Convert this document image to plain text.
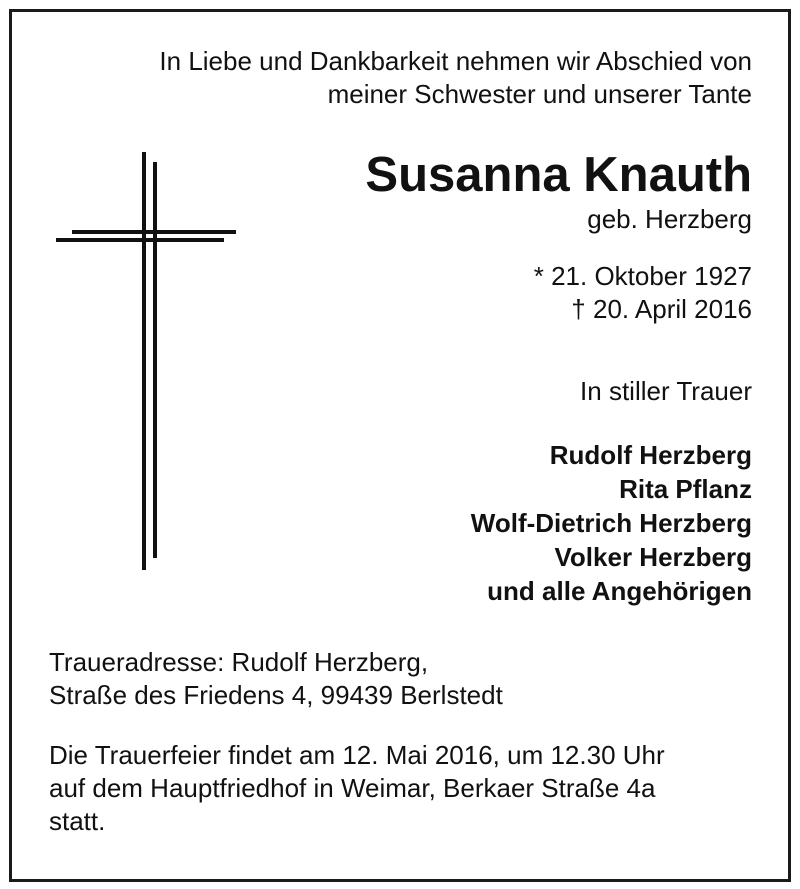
In Liebe und Dankbarkeit nehmen wir Abschied von
meiner Schwester und unserer Tante
Susanna Knauth
geb. Herzberg
* 21. Oktober 1927
† 20. April 2016
In stiller Trauer
Rudolf Herzberg
Rita Pflanz
Wolf-Dietrich Herzberg
Volker Herzberg
und alle Angehörigen
Traueradresse: Rudolf Herzberg,
Straße des Friedens 4, 99439 Berlstedt
Die Trauerfeier findet am 12. Mai 2016, um 12.30 Uhr
auf dem Hauptfriedhof in Weimar, Berkaer Straße 4a
statt.
